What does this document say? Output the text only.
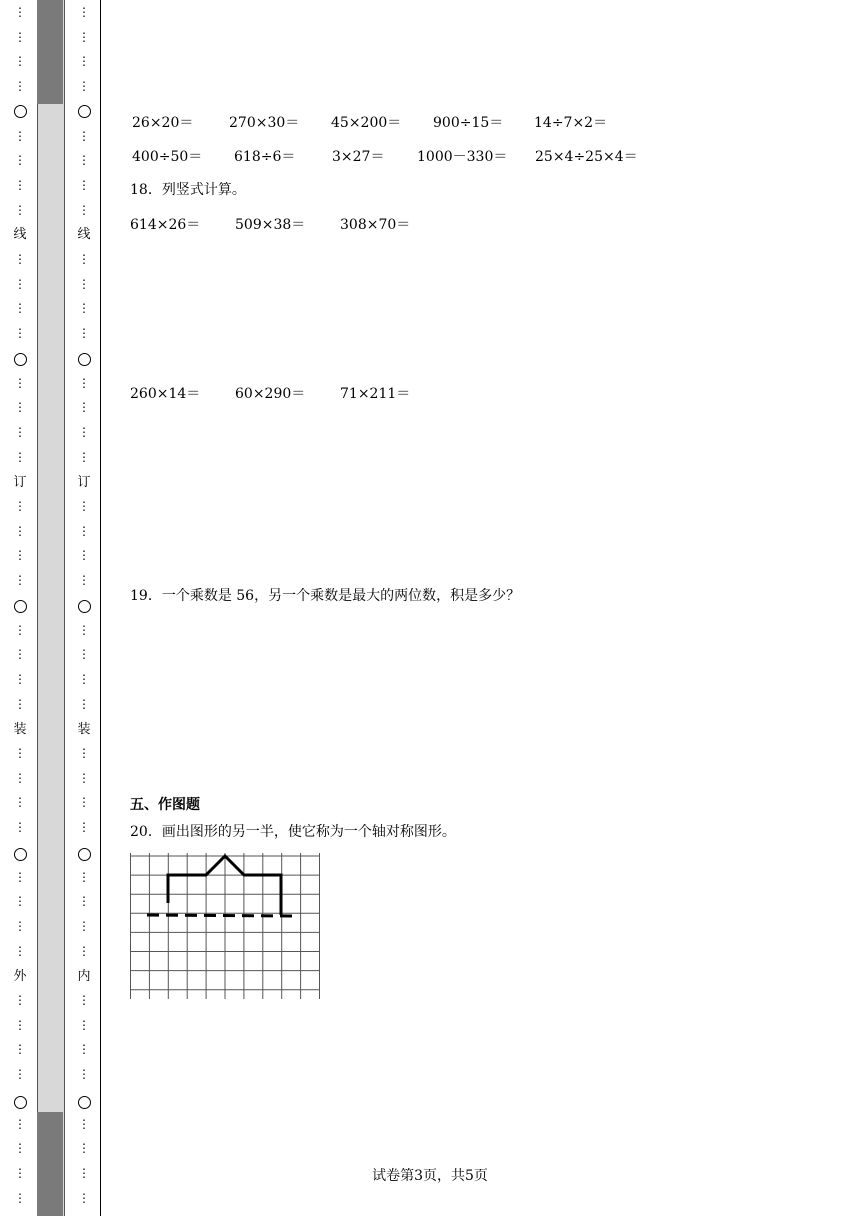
⋮
⋮
⋮
⋮
⋮
⋮
⋮
⋮
⋮
⋮
⋮
⋮
⋮
⋮
⋮
⋮
⋮
⋮
⋮
⋮
⋮
⋮
⋮
⋮
⋮
⋮
⋮
⋮
⋮
⋮
⋮
⋮
⋮
⋮
⋮
⋮
⋮
⋮
⋮
⋮
⋮
⋮
⋮
⋮
⋮
⋮
⋮
⋮
⋮
⋮
⋮
⋮
⋮
⋮
⋮
⋮
⋮
⋮
⋮
⋮
⋮
⋮
⋮
⋮
⋮
⋮
⋮
⋮
⋮
⋮
⋮
⋮
⋮
⋮
⋮
⋮
⋮
⋮
⋮
⋮
线
订
装
外
线
订
装
内
26×20＝	270×30＝ 45×200＝ 900÷15＝ 14÷7×2＝
400÷50＝ 618÷6＝	3×27＝ 1000－330＝ 25×4÷25×4＝
18．列竖式计算。
614×26＝ 509×38＝ 308×70＝
260×14＝ 60×290＝ 71×211＝
19．一个乘数是 56，另一个乘数是最大的两位数，积是多少？
五、作图题
20．画出图形的另一半，使它称为一个轴对称图形。
试卷第3页，共5页
